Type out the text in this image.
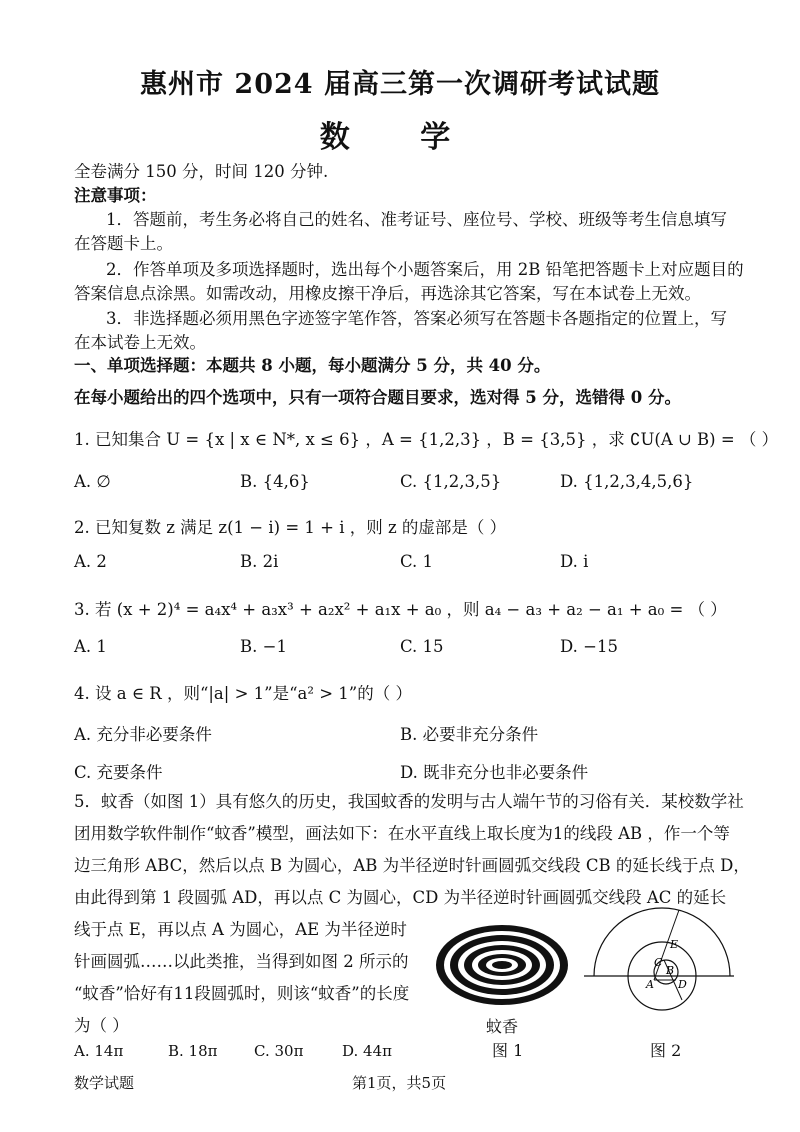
惠州市 2024 届高三第一次调研考试试题
数 学
全卷满分 150 分，时间 120 分钟.
注意事项：
1．答题前，考生务必将自己的姓名、准考证号、座位号、学校、班级等考生信息填写
在答题卡上。
2．作答单项及多项选择题时，选出每个小题答案后，用 2B 铅笔把答题卡上对应题目的
答案信息点涂黑。如需改动，用橡皮擦干净后，再选涂其它答案，写在本试卷上无效。
3．非选择题必须用黑色字迹签字笔作答，答案必须写在答题卡各题指定的位置上，写
在本试卷上无效。
一、单项选择题：本题共 8 小题，每小题满分 5 分，共 40 分。
在每小题给出的四个选项中，只有一项符合题目要求，选对得 5 分，选错得 0 分。
1. 已知集合 U = {x | x ∈ N*, x ≤ 6} ，A = {1,2,3} ，B = {3,5} ，求 ∁U(A ∪ B) = （ ）
A. ∅	B. {4,6}	C. {1,2,3,5}	D. {1,2,3,4,5,6}
2. 已知复数 z 满足 z(1 − i) = 1 + i ，则 z 的虚部是（ ）
A. 2	B. 2i	C. 1	D. i
3. 若 (x + 2)⁴ = a₄x⁴ + a₃x³ + a₂x² + a₁x + a₀ ，则 a₄ − a₃ + a₂ − a₁ + a₀ = （ ）
A. 1	B. −1	C. 15	D. −15
4. 设 a ∈ R ，则“|a| > 1”是“a² > 1”的（ ）
A. 充分非必要条件	B. 必要非充分条件
C. 充要条件	D. 既非充分也非必要条件
5．蚊香（如图 1）具有悠久的历史，我国蚊香的发明与古人端午节的习俗有关．某校数学社
团用数学软件制作“蚊香”模型，画法如下：在水平直线上取长度为1的线段 AB ，作一个等
边三角形 ABC，然后以点 B 为圆心，AB 为半径逆时针画圆弧交线段 CB 的延长线于点 D，
由此得到第 1 段圆弧 AD，再以点 C 为圆心，CD 为半径逆时针画圆弧交线段 AC 的延长
线于点 E，再以点 A 为圆心，AE 为半径逆时
针画圆弧……以此类推，当得到如图 2 所示的
“蚊香”恰好有11段圆弧时，则该“蚊香”的长度
为（ ）
A. 14π	B. 18π C. 30π	D. 44π
蚊香
图 1
E
C
B
A D
图 2
数学试题	第1页，共5页
